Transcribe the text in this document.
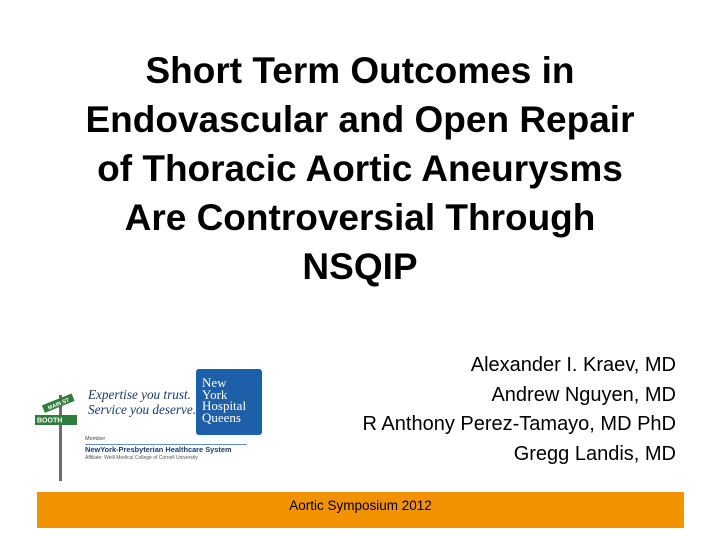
Short Term Outcomes in
Endovascular and Open Repair
of Thoracic Aortic Aneurysms
Are Controversial Through
NSQIP
MAIN ST
BOOTH
Expertise you trust.
Service you deserve.
New
York
Hospital
Queens
Member
NewYork-Presbyterian Healthcare System
Affiliate: Weill Medical College of Cornell University
Alexander I. Kraev, MD
Andrew Nguyen, MD
R Anthony Perez-Tamayo, MD PhD
Gregg Landis, MD
Aortic Symposium 2012
